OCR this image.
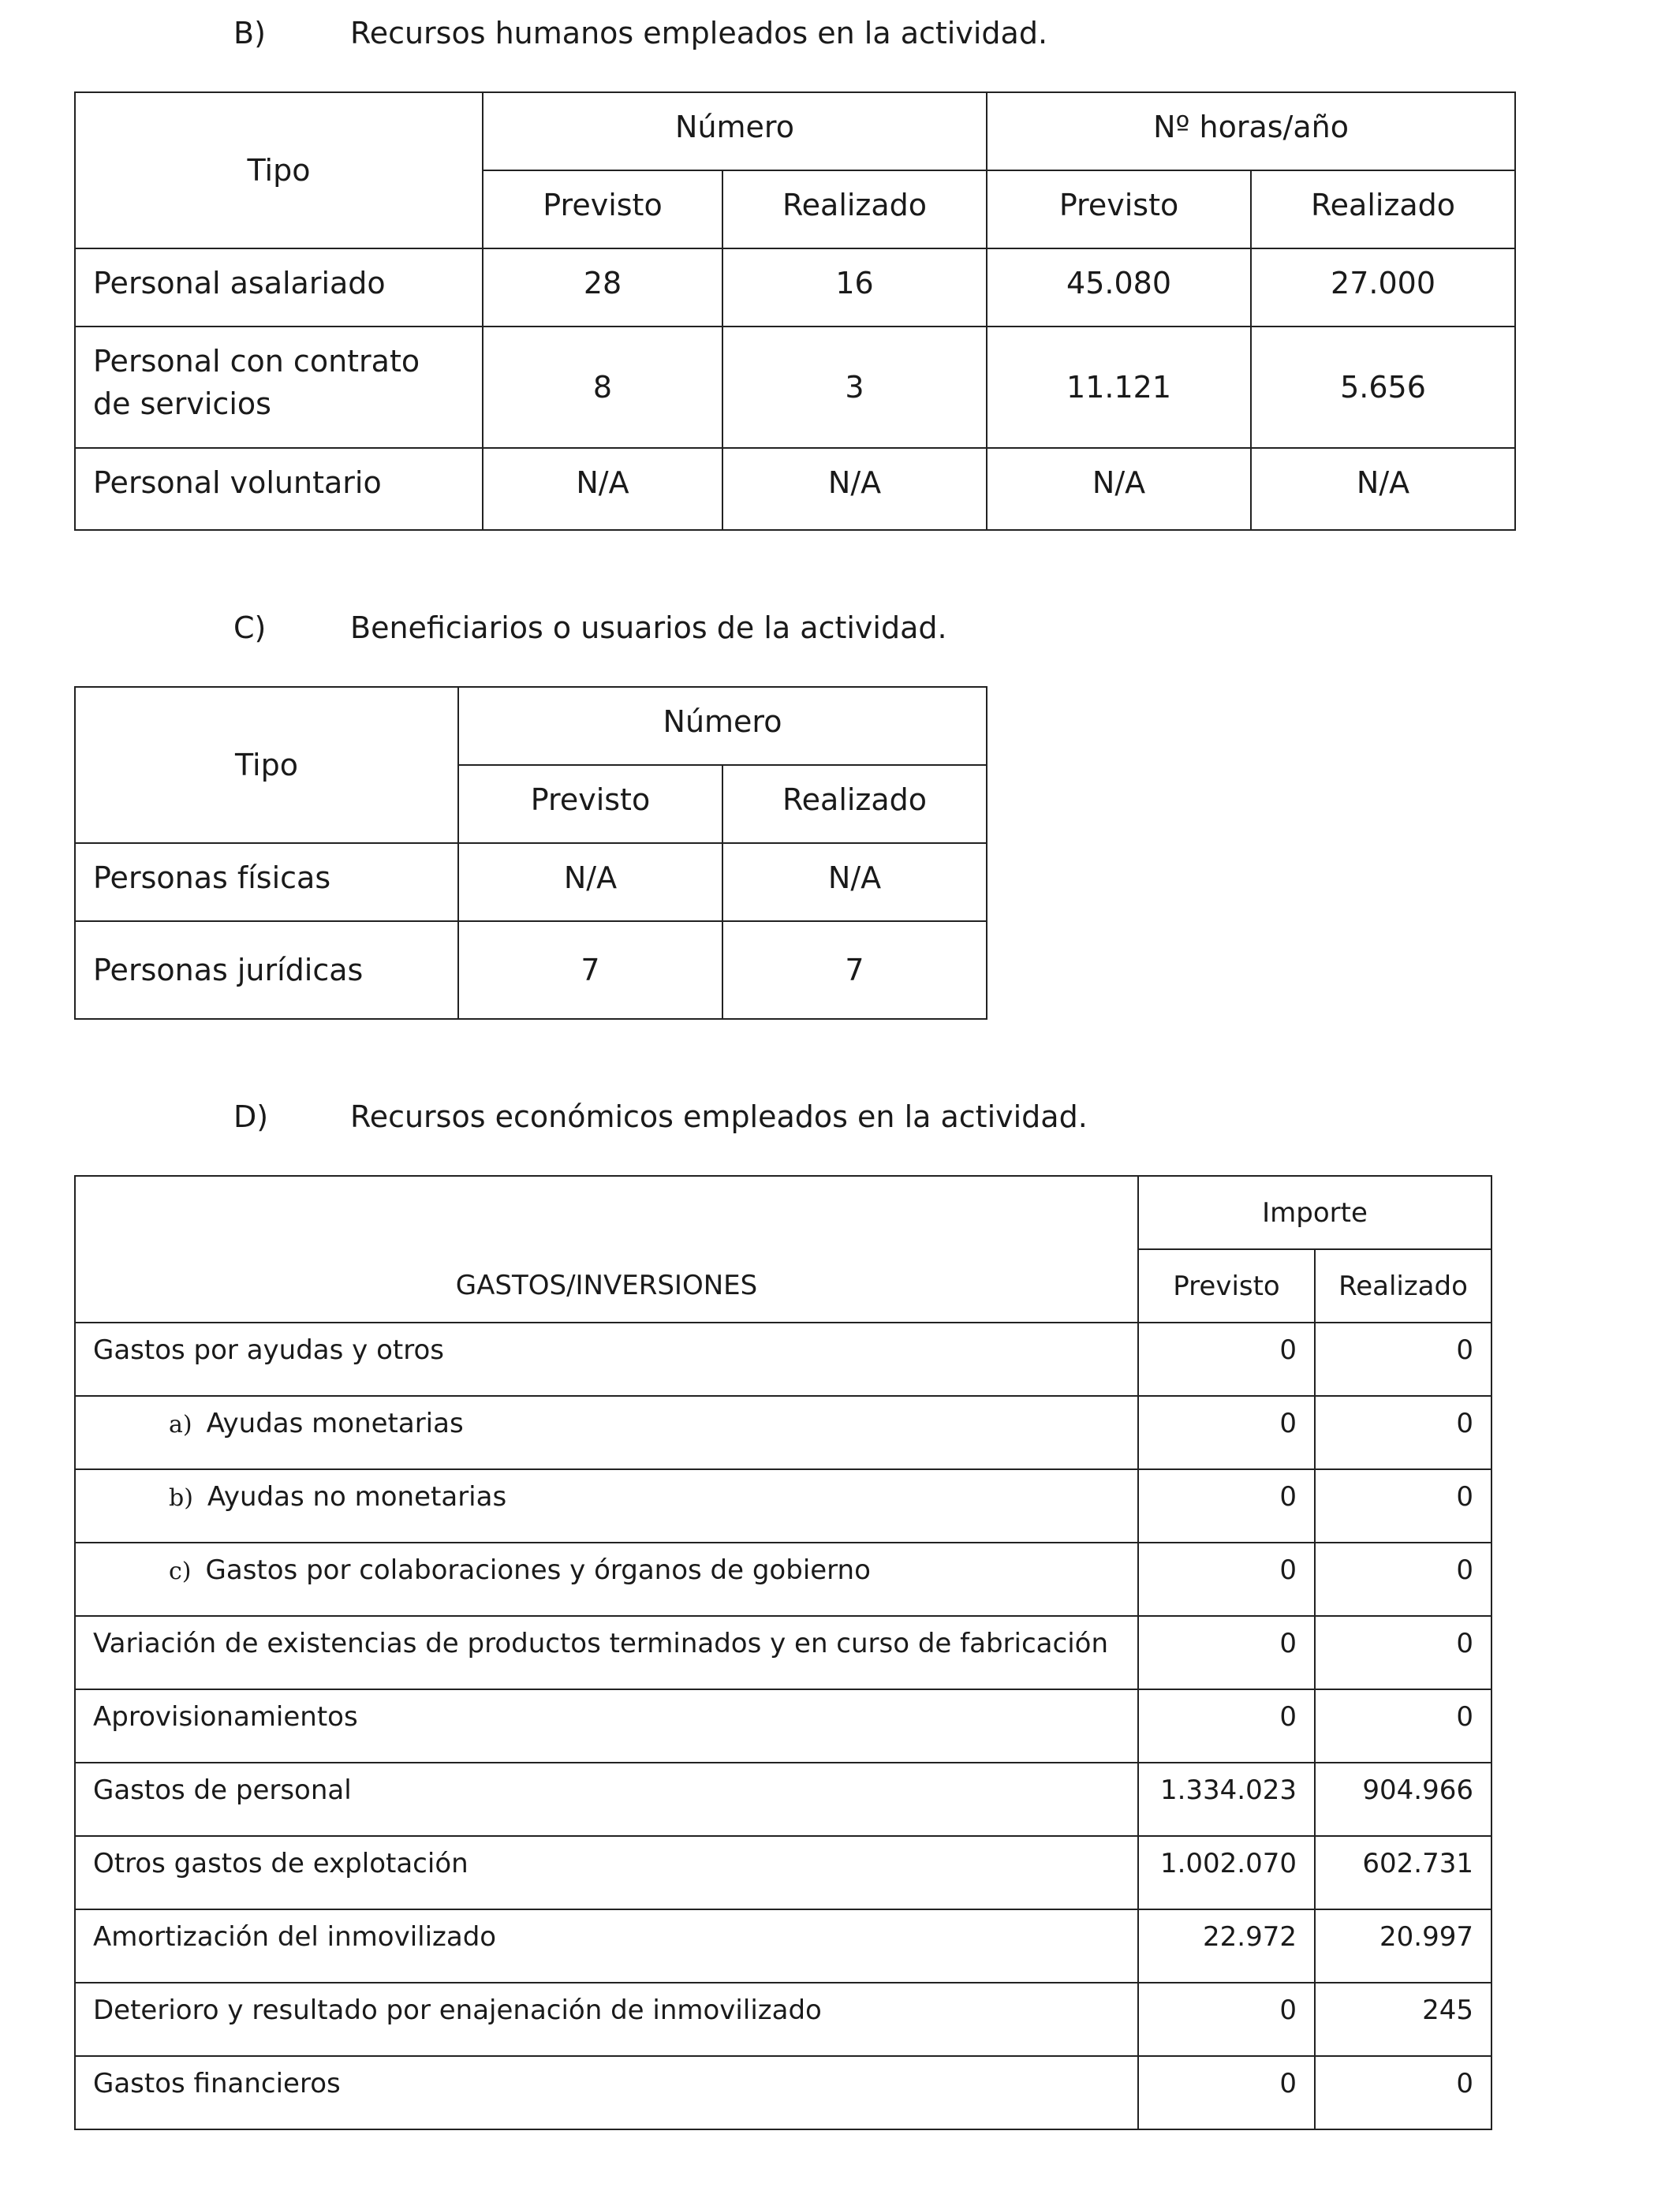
B)	Recursos humanos empleados en la actividad.
Tipo	Número		Nº horas/año	
	Previsto	Realizado	Previsto	Realizado
Personal asalariado	28	16	45.080	27.000

Personal con contrato
de servicios	8	3	11.121	5.656
Personal voluntario	N/A	N/A	N/A	N/A
C)	Beneficiarios o usuarios de la actividad.
Tipo	Número	
	Previsto	Realizado
Personas físicas	N/A	N/A
Personas jurídicas	7	7
D)	Recursos económicos empleados en la actividad.
GASTOS/INVERSIONES	Importe	
	Previsto	Realizado
Gastos por ayudas y otros	0	0
a) Ayudas monetarias	0	0
b) Ayudas no monetarias	0	0
c) Gastos por colaboraciones y órganos de gobierno	0	0
Variación de existencias de productos terminados y en curso de fabricación	0	0
Aprovisionamientos	0	0
Gastos de personal	1.334.023	904.966
Otros gastos de explotación	1.002.070	602.731
Amortización del inmovilizado	22.972	20.997
Deterioro y resultado por enajenación de inmovilizado	0	245
Gastos financieros	0	0
